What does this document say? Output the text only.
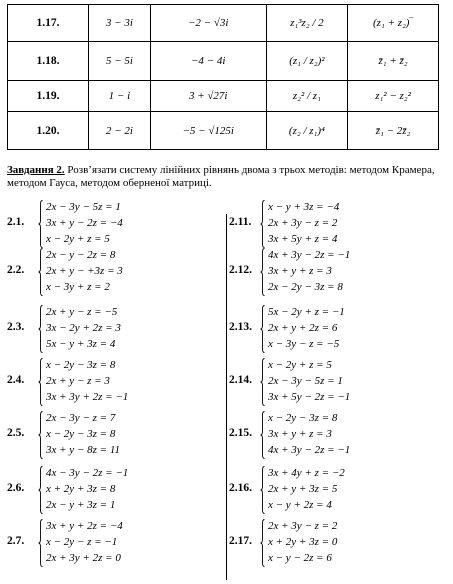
1.17.	3 − 3i	−2 − √3i	z₁³z₂ / 2	(z₁ + z₂)‾
1.18.	5 − 5i	−4 − 4i	(z₁ / z₂)²	z̄₁ + z̄₂
1.19.	1 − i	3 + √27i	z₂² / z₁	z₁² − z₂²
1.20.	2 − 2i	−5 − √125i	(z₂ / z₁)⁴	z̄₁ − 2z̄₂
Завдання 2. Розв’язати систему лінійних рівнянь двома з трьох методів: методом Крамера, методом Гауса, методом оберненої матриці.
2.1.
2x − 3y − 5z = 1
3x + y − 2z = −4
x − 2y + z = 5
2.2.
2x − y − 2z = 8
2x + y − +3z = 3
x − 3y + z = 2
2.3.
2x + y − z = −5
3x − 2y + 2z = 3
5x − y + 3z = 4
2.4.
x − 2y − 3z = 8
2x + y − z = 3
3x + 3y + 2z = −1
2.5.
2x − 3y − z = 7
x − 2y − 3z = 8
3x + y − 8z = 11
2.6.
4x − 3y − 2z = −1
x + 2y + 3z = 8
2x − y + 3z = 1
2.7.
3x + y + 2z = −4
x − 2y − z = −1
2x + 3y + 2z = 0
2.11.
x − y + 3z = −4
2x + 3y − z = 2
3x + 5y + z = 4
2.12.
4x + 3y − 2z = −1
3x + y + z = 3
2x − 2y − 3z = 8
2.13.
5x − 2y + z = −1
2x + y + 2z = 6
x − 3y − z = −5
2.14.
x − 2y + z = 5
2x − 3y − 5z = 1
3x + 5y − 2z = −1
2.15.
x − 2y − 3z = 8
3x + y + z = 3
4x + 3y − 2z = −1
2.16.
3x + 4y + z = −2
2x + y + 3z = 5
x − y + 2z = 4
2.17.
2x + 3y − z = 2
x + 2y + 3z = 0
x − y − 2z = 6
